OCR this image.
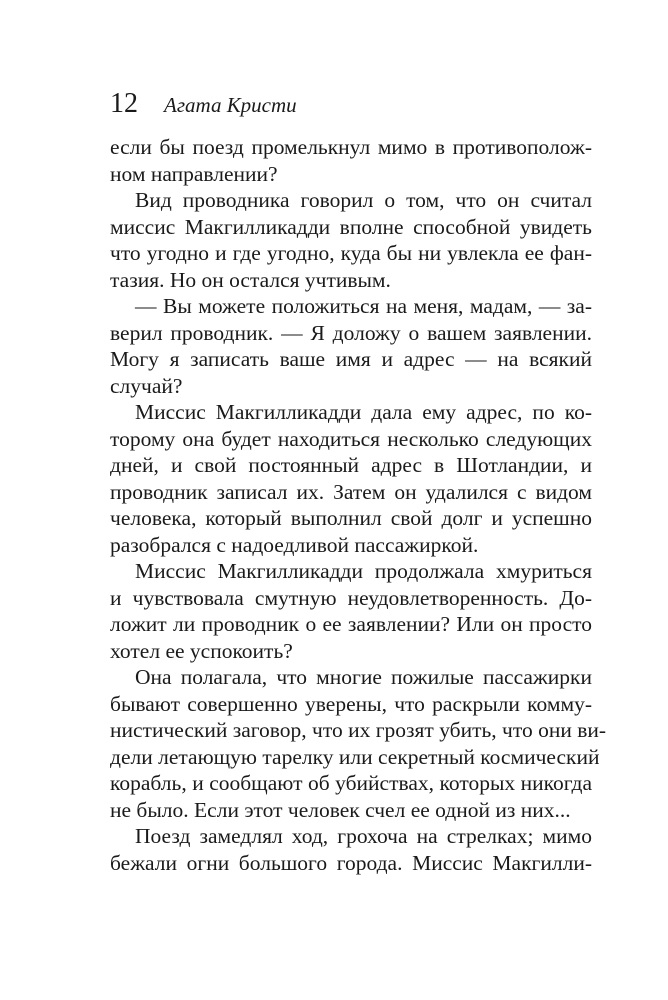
12 Агата Кристи
если бы поезд промелькнул мимо в противополож-
ном направлении?
Вид проводника говорил о том, что он считал
миссис Макгилликадди вполне способной увидеть
что угодно и где угодно, куда бы ни увлекла ее фан-
тазия. Но он остался учтивым.
— Вы можете положиться на меня, мадам, — за-
верил проводник. — Я доложу о вашем заявлении.
Могу я записать ваше имя и адрес — на всякий
случай?
Миссис Макгилликадди дала ему адрес, по ко-
торому она будет находиться несколько следующих
дней, и свой постоянный адрес в Шотландии, и
проводник записал их. Затем он удалился с видом
человека, который выполнил свой долг и успешно
разобрался с надоедливой пассажиркой.
Миссис Макгилликадди продолжала хмуриться
и чувствовала смутную неудовлетворенность. До-
ложит ли проводник о ее заявлении? Или он просто
хотел ее успокоить?
Она полагала, что многие пожилые пассажирки
бывают совершенно уверены, что раскрыли комму-
нистический заговор, что их грозят убить, что они ви-
дели летающую тарелку или секретный космический
корабль, и сообщают об убийствах, которых никогда
не было. Если этот человек счел ее одной из них...
Поезд замедлял ход, грохоча на стрелках; мимо
бежали огни большого города. Миссис Макгилли-
